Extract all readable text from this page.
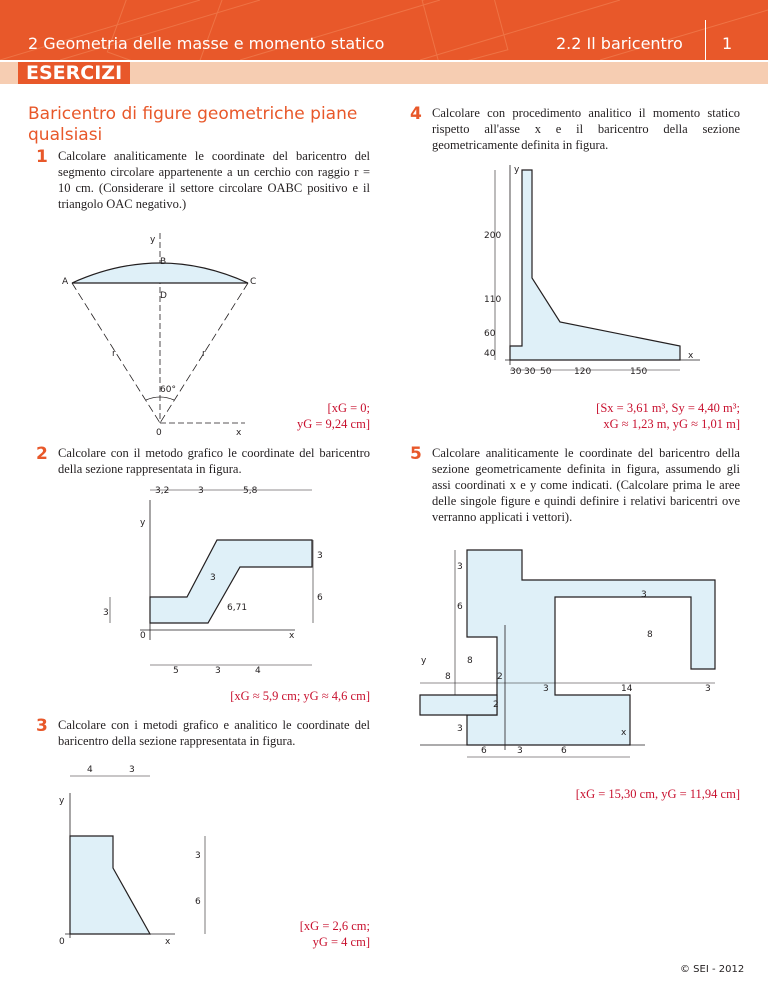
2 Geometria delle masse e momento statico	2.2 Il baricentro 1
ESERCIZI
Baricentro di figure geometriche piane qualsiasi
1 Calcolare analiticamente le coordinate del baricentro del segmento circolare appartenente a un cerchio con raggio r = 10 cm. (Considerare il settore circolare OABC positivo e il triangolo OAC negativo.)
y
B
A	C
D
r	r
60°
0	x
[xG = 0;
yG = 9,24 cm]
2 Calcolare con il metodo grafico le coordinate del baricentro della sezione rappresentata in figura.
3,2	3	5,8
5	3	4
3
6
3
3
6,71
y
0	x
[xG ≈ 5,9 cm; yG ≈ 4,6 cm]
3 Calcolare con i metodi grafico e analitico le coordinate del baricentro della sezione rappresentata in figura.
4	3
3
6
y
0	x
[xG = 2,6 cm;
yG = 4 cm]
4 Calcolare con procedimento analitico il momento statico rispetto all'asse x e il baricentro della sezione geometricamente definita in figura.
200
110
60
40
30 30 50	120	150
y
x
[Sx = 3,61 m³, Sy = 4,40 m³;
xG ≈ 1,23 m, yG ≈ 1,01 m]
5 Calcolare analiticamente le coordinate del baricentro della sezione geometricamente definita in figura, assumendo gli assi coordinati x e y come indicati. (Calcolare prima le aree delle singole figure e quindi definire i relativi baricentri ove verranno applicati i vettori).
3
6
3
8
8
8	2
3	14	3
2
3
6	3	6
y
x
[xG = 15,30 cm, yG = 11,94 cm]
© SEI - 2012
